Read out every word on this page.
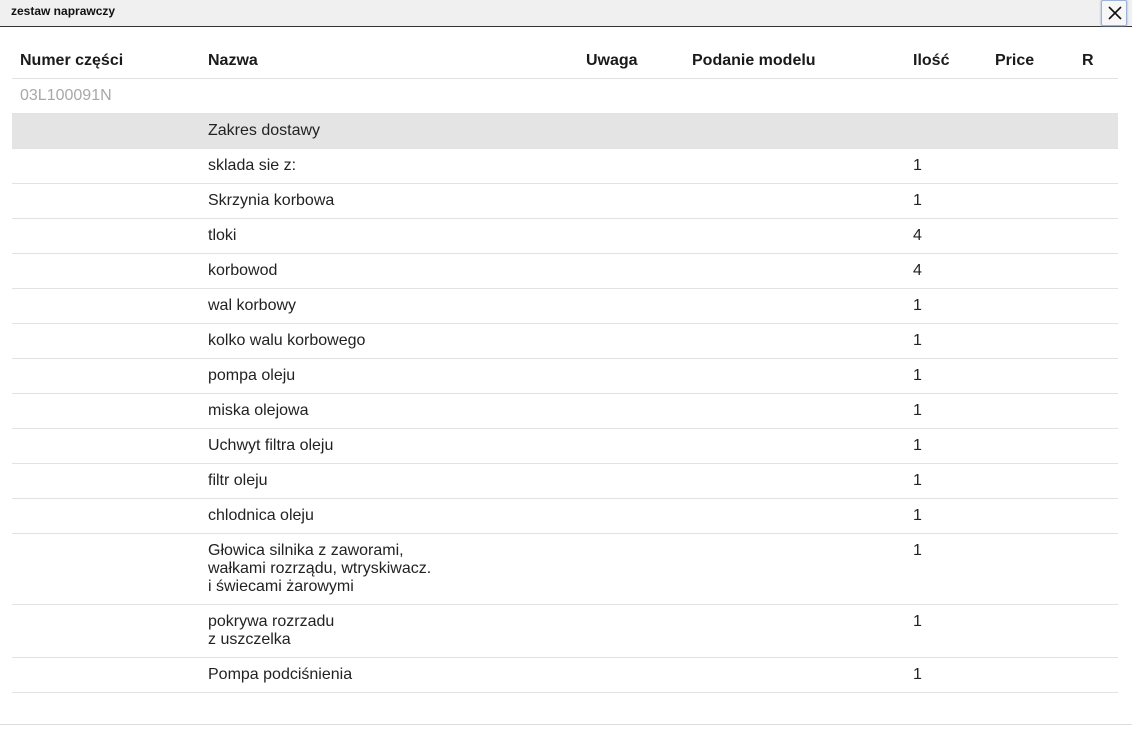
zestaw naprawczy
Numer części	Nazwa	Uwaga	Podanie modelu	Ilość	Price	R

03L100091N						

	Zakres dostawy					

	sklada sie z:			1		

	Skrzynia korbowa			1		

	tloki			4		

	korbowod			4		

	wal korbowy			1		

	kolko walu korbowego			1		

	pompa oleju			1		

	miska olejowa			1		

	Uchwyt filtra oleju			1		

	filtr oleju			1		

	chlodnica oleju			1		

	Głowica silnika z zaworami,
wałkami rozrządu, wtryskiwacz.
i świecami żarowymi			1		

	pokrywa rozrzadu
z uszczelka			1		

	Pompa podciśnienia			1		
